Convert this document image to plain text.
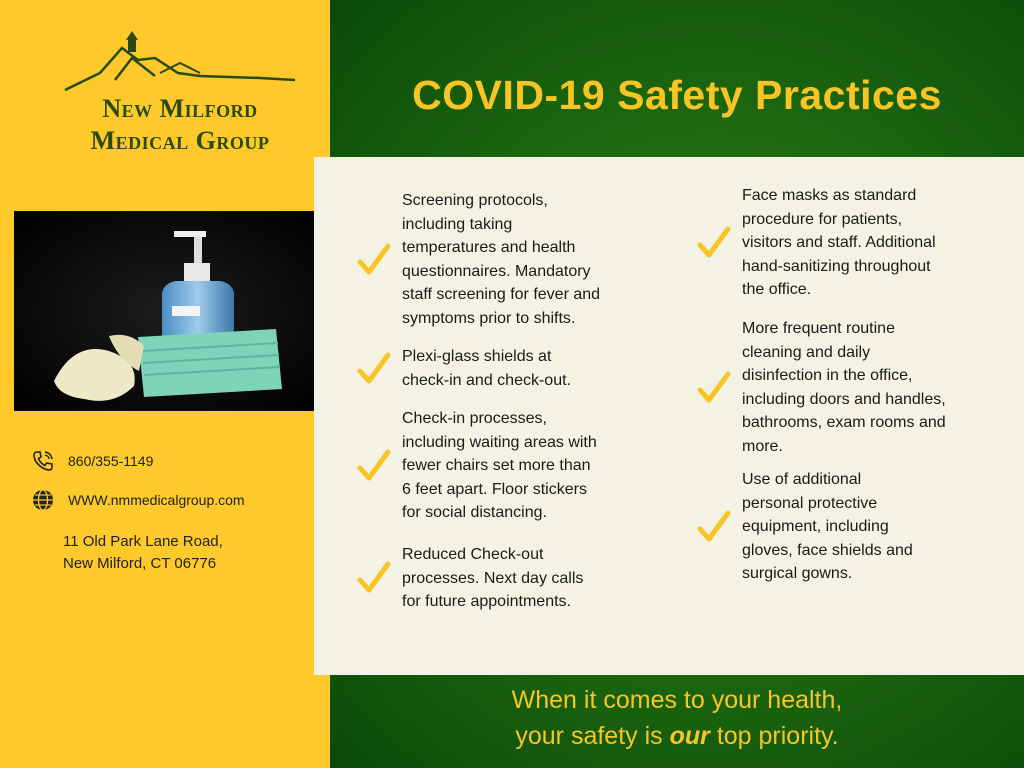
New Milford
Medical Group
860/355-1149
WWW.nmmedicalgroup.com
11 Old Park Lane Road,
New Milford, CT 06776
COVID-19 Safety Practices
Screening protocols,
including taking
temperatures and health
questionnaires. Mandatory
staff screening for fever and
symptoms prior to shifts.
Plexi-glass shields at
check-in and check-out.
Check-in processes,
including waiting areas with
fewer chairs set more than
6 feet apart. Floor stickers
for social distancing.
Reduced Check-out
processes. Next day calls
for future appointments.
Face masks as standard
procedure for patients,
visitors and staff. Additional
hand-sanitizing throughout
the office.
More frequent routine
cleaning and daily
disinfection in the office,
including doors and handles,
bathrooms, exam rooms and
more.
Use of additional
personal protective
equipment, including
gloves, face shields and
surgical gowns.
When it comes to your health,
your safety is our top priority.
